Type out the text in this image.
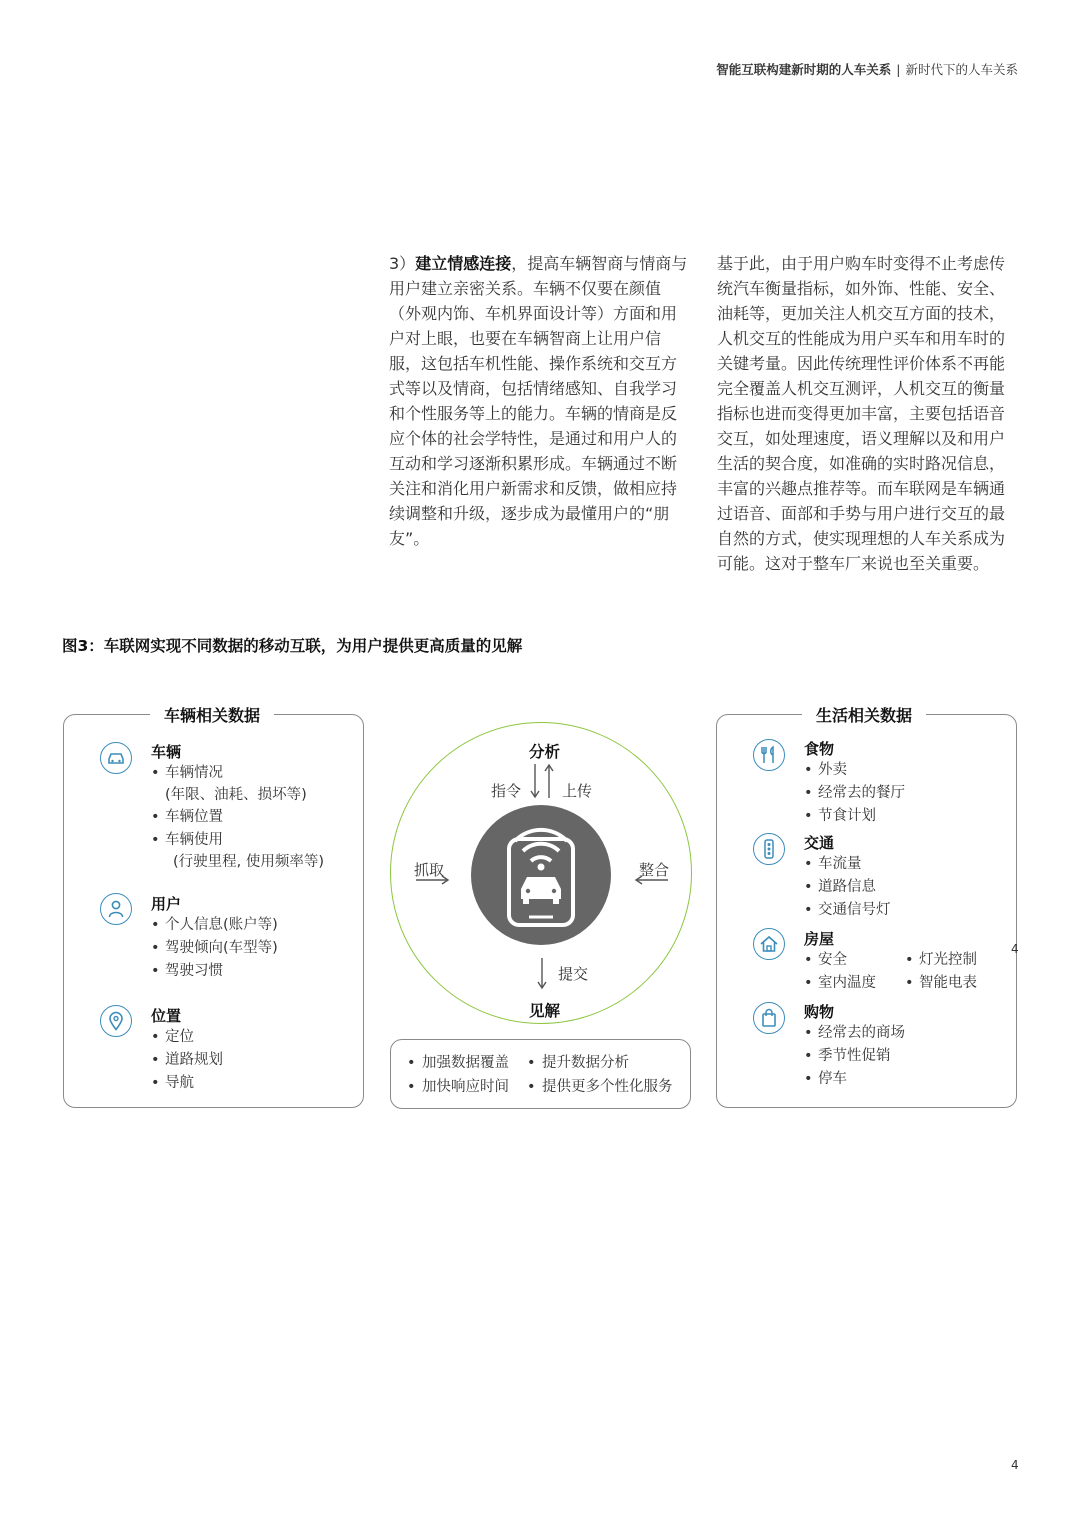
智能互联构建新时期的人车关系 | 新时代下的人车关系

3）建立情感连接，提高车辆智商与情商与用户建立亲密关系。车辆不仅要在颜值（外观内饰、车机界面设计等）方面和用户对上眼，也要在车辆智商上让用户信服，这包括车机性能、操作系统和交互方式等以及情商，包括情绪感知、自我学习和个性服务等上的能力。车辆的情商是反应个体的社会学特性，是通过和用户人的互动和学习逐渐积累形成。车辆通过不断关注和消化用户新需求和反馈，做相应持续调整和升级，逐步成为最懂用户的“朋友”。

基于此，由于用户购车时变得不止考虑传统汽车衡量指标，如外饰、性能、安全、油耗等，更加关注人机交互方面的技术，人机交互的性能成为用户买车和用车时的关键考量。因此传统理性评价体系不再能完全覆盖人机交互测评，人机交互的衡量指标也进而变得更加丰富，主要包括语音交互，如处理速度，语义理解以及和用户生活的契合度，如准确的实时路况信息，丰富的兴趣点推荐等。而车联网是车辆通过语音、面部和手势与用户进行交互的最自然的方式，使实现理想的人车关系成为可能。这对于整车厂来说也至关重要。

图3：车联网实现不同数据的移动互联，为用户提供更高质量的见解
车辆相关数据
车辆
• 车辆情况
(年限、油耗、损坏等)
• 车辆位置
• 车辆使用
(行驶里程, 使用频率等)
用户
• 个人信息(账户等)
• 驾驶倾向(车型等)
• 驾驶习惯
位置
• 定位
• 道路规划
• 导航
分析
指令	上传
抓取	整合
提交
见解
• 加强数据覆盖 • 提升数据分析
• 加快响应时间 • 提供更多个性化服务
生活相关数据
食物
• 外卖
• 经常去的餐厅
• 节食计划
交通
• 车流量
• 道路信息
• 交通信号灯
房屋
• 安全
• 室内温度
• 灯光控制
• 智能电表
4
购物
• 经常去的商场
• 季节性促销
• 停车
4
